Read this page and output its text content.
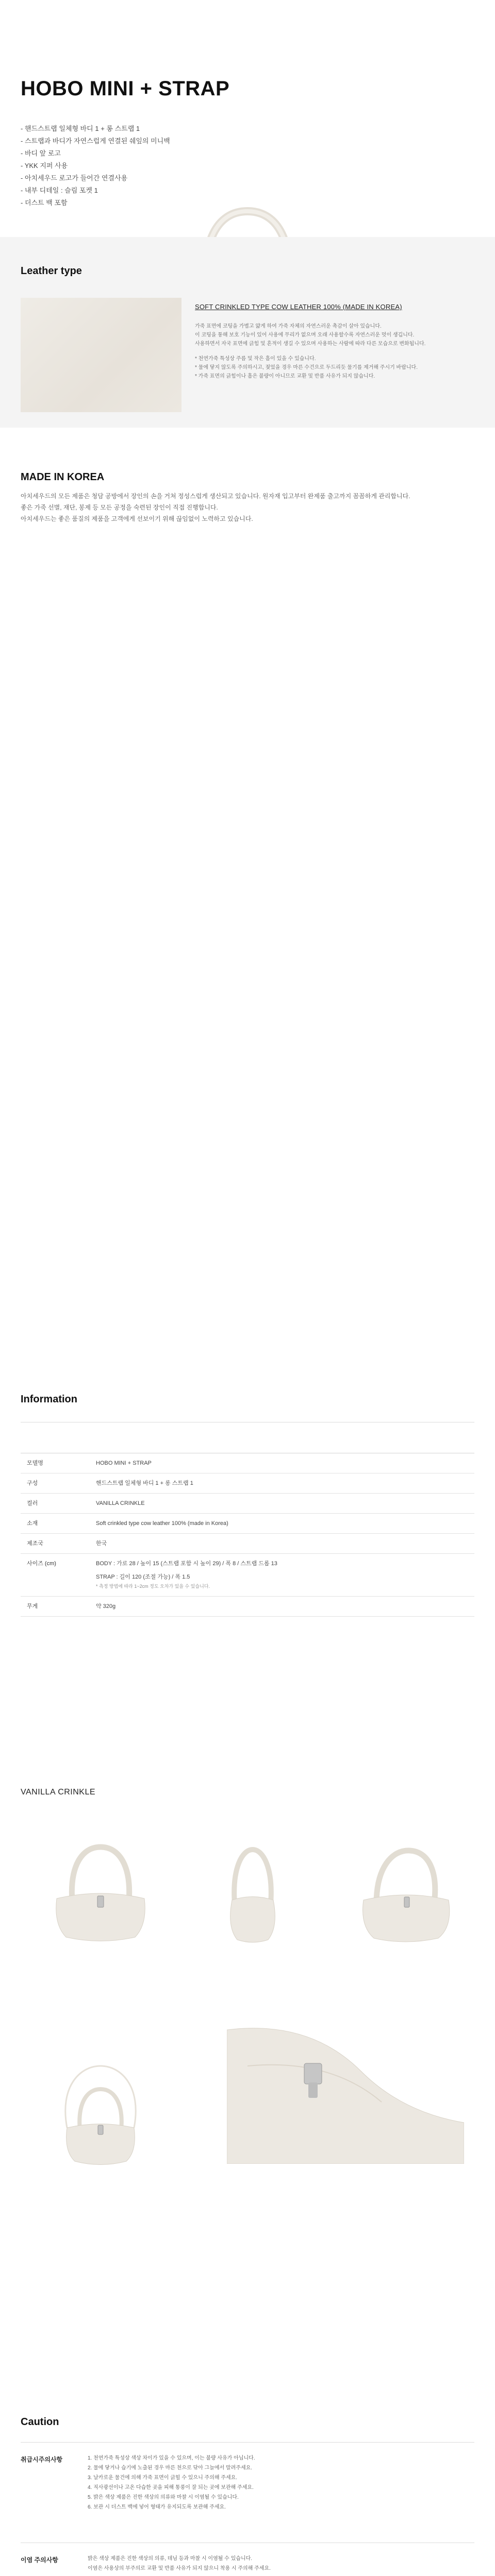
HOBO MINI + STRAP
- 핸드스트랩 일체형 바디 1 + 롱 스트랩 1
- 스트랩과 바디가 자연스럽게 연결된 쉐잎의 미니백
- 바디 앞 로고
- YKK 지퍼 사용
- 아치세우드 로고가 들어간 연결사용
- 내부 디테일 : 슬림 포켓 1
- 더스트 백 포함
Leather type
SOFT CRINKLED TYPE COW LEATHER 100% (MADE IN KOREA)
가죽 표면에 코팅을 가볍고 얇게 하여 가죽 자체의 자연스러운 촉감이 살아 있습니다.
이 코팅을 통해 보호 기능이 있어 사용에 무리가 없으며 오래 사용할수록 자연스러운 멋이 생깁니다.
사용하면서 자국 표면에 긁힘 및 흔적이 생길 수 있으며 사용하는 사람에 따라 다른 모습으로 변화됩니다.
* 천연가죽 특성상 주름 및 작은 흠이 있을 수 있습니다.
* 물에 닿지 않도록 주의하시고, 젖었을 경우 마른 수건으로 두드리듯 물기를 제거해 주시기 바랍니다.
* 가죽 표면의 긁힘이나 흠은 불량이 아니므로 교환 및 반품 사유가 되지 않습니다.
MADE IN KOREA
아치세우드의 모든 제품은 청담 공방에서 장인의 손을 거쳐 정성스럽게 생산되고 있습니다. 원자재 입고부터 완제품 출고까지 꼼꼼하게 관리합니다.
좋은 가죽 선별, 재단, 봉제 등 모든 공정을 숙련된 장인이 직접 진행합니다.
아치세우드는 좋은 품질의 제품을 고객에게 선보이기 위해 끊임없이 노력하고 있습니다.
Information
모델명	HOBO MINI + STRAP
구성	핸드스트랩 일체형 바디 1 + 롱 스트랩 1
컬러	VANILLA CRINKLE
소재	Soft crinkled type cow leather 100% (made in Korea)
제조국	한국
사이즈 (cm)	BODY : 가로 28 / 높이 15 (스트랩 포함 시 높이 29) / 폭 8 / 스트랩 드롭 13
STRAP : 길이 120 (조절 가능) / 폭 1.5
* 측정 방법에 따라 1~2cm 정도 오차가 있을 수 있습니다.

무게	약 320g
VANILLA CRINKLE
Caution
취급시주의사항	1. 천연가죽 특성상 색상 차이가 있을 수 있으며, 이는 불량 사유가 아닙니다.
2. 물에 닿거나 습기에 노출된 경우 마른 천으로 닦아 그늘에서 말려주세요.
3. 날카로운 물건에 의해 가죽 표면이 긁힐 수 있으니 주의해 주세요.
4. 직사광선이나 고온 다습한 곳을 피해 통풍이 잘 되는 곳에 보관해 주세요.
5. 밝은 색상 제품은 진한 색상의 의류와 마찰 시 이염될 수 있습니다.
6. 보관 시 더스트 백에 넣어 형태가 유지되도록 보관해 주세요.
이염 주의사항	밝은 색상 제품은 진한 색상의 의류, 데님 등과 마찰 시 이염될 수 있습니다.
이염은 사용상의 부주의로 교환 및 반품 사유가 되지 않으니 착용 시 주의해 주세요.
